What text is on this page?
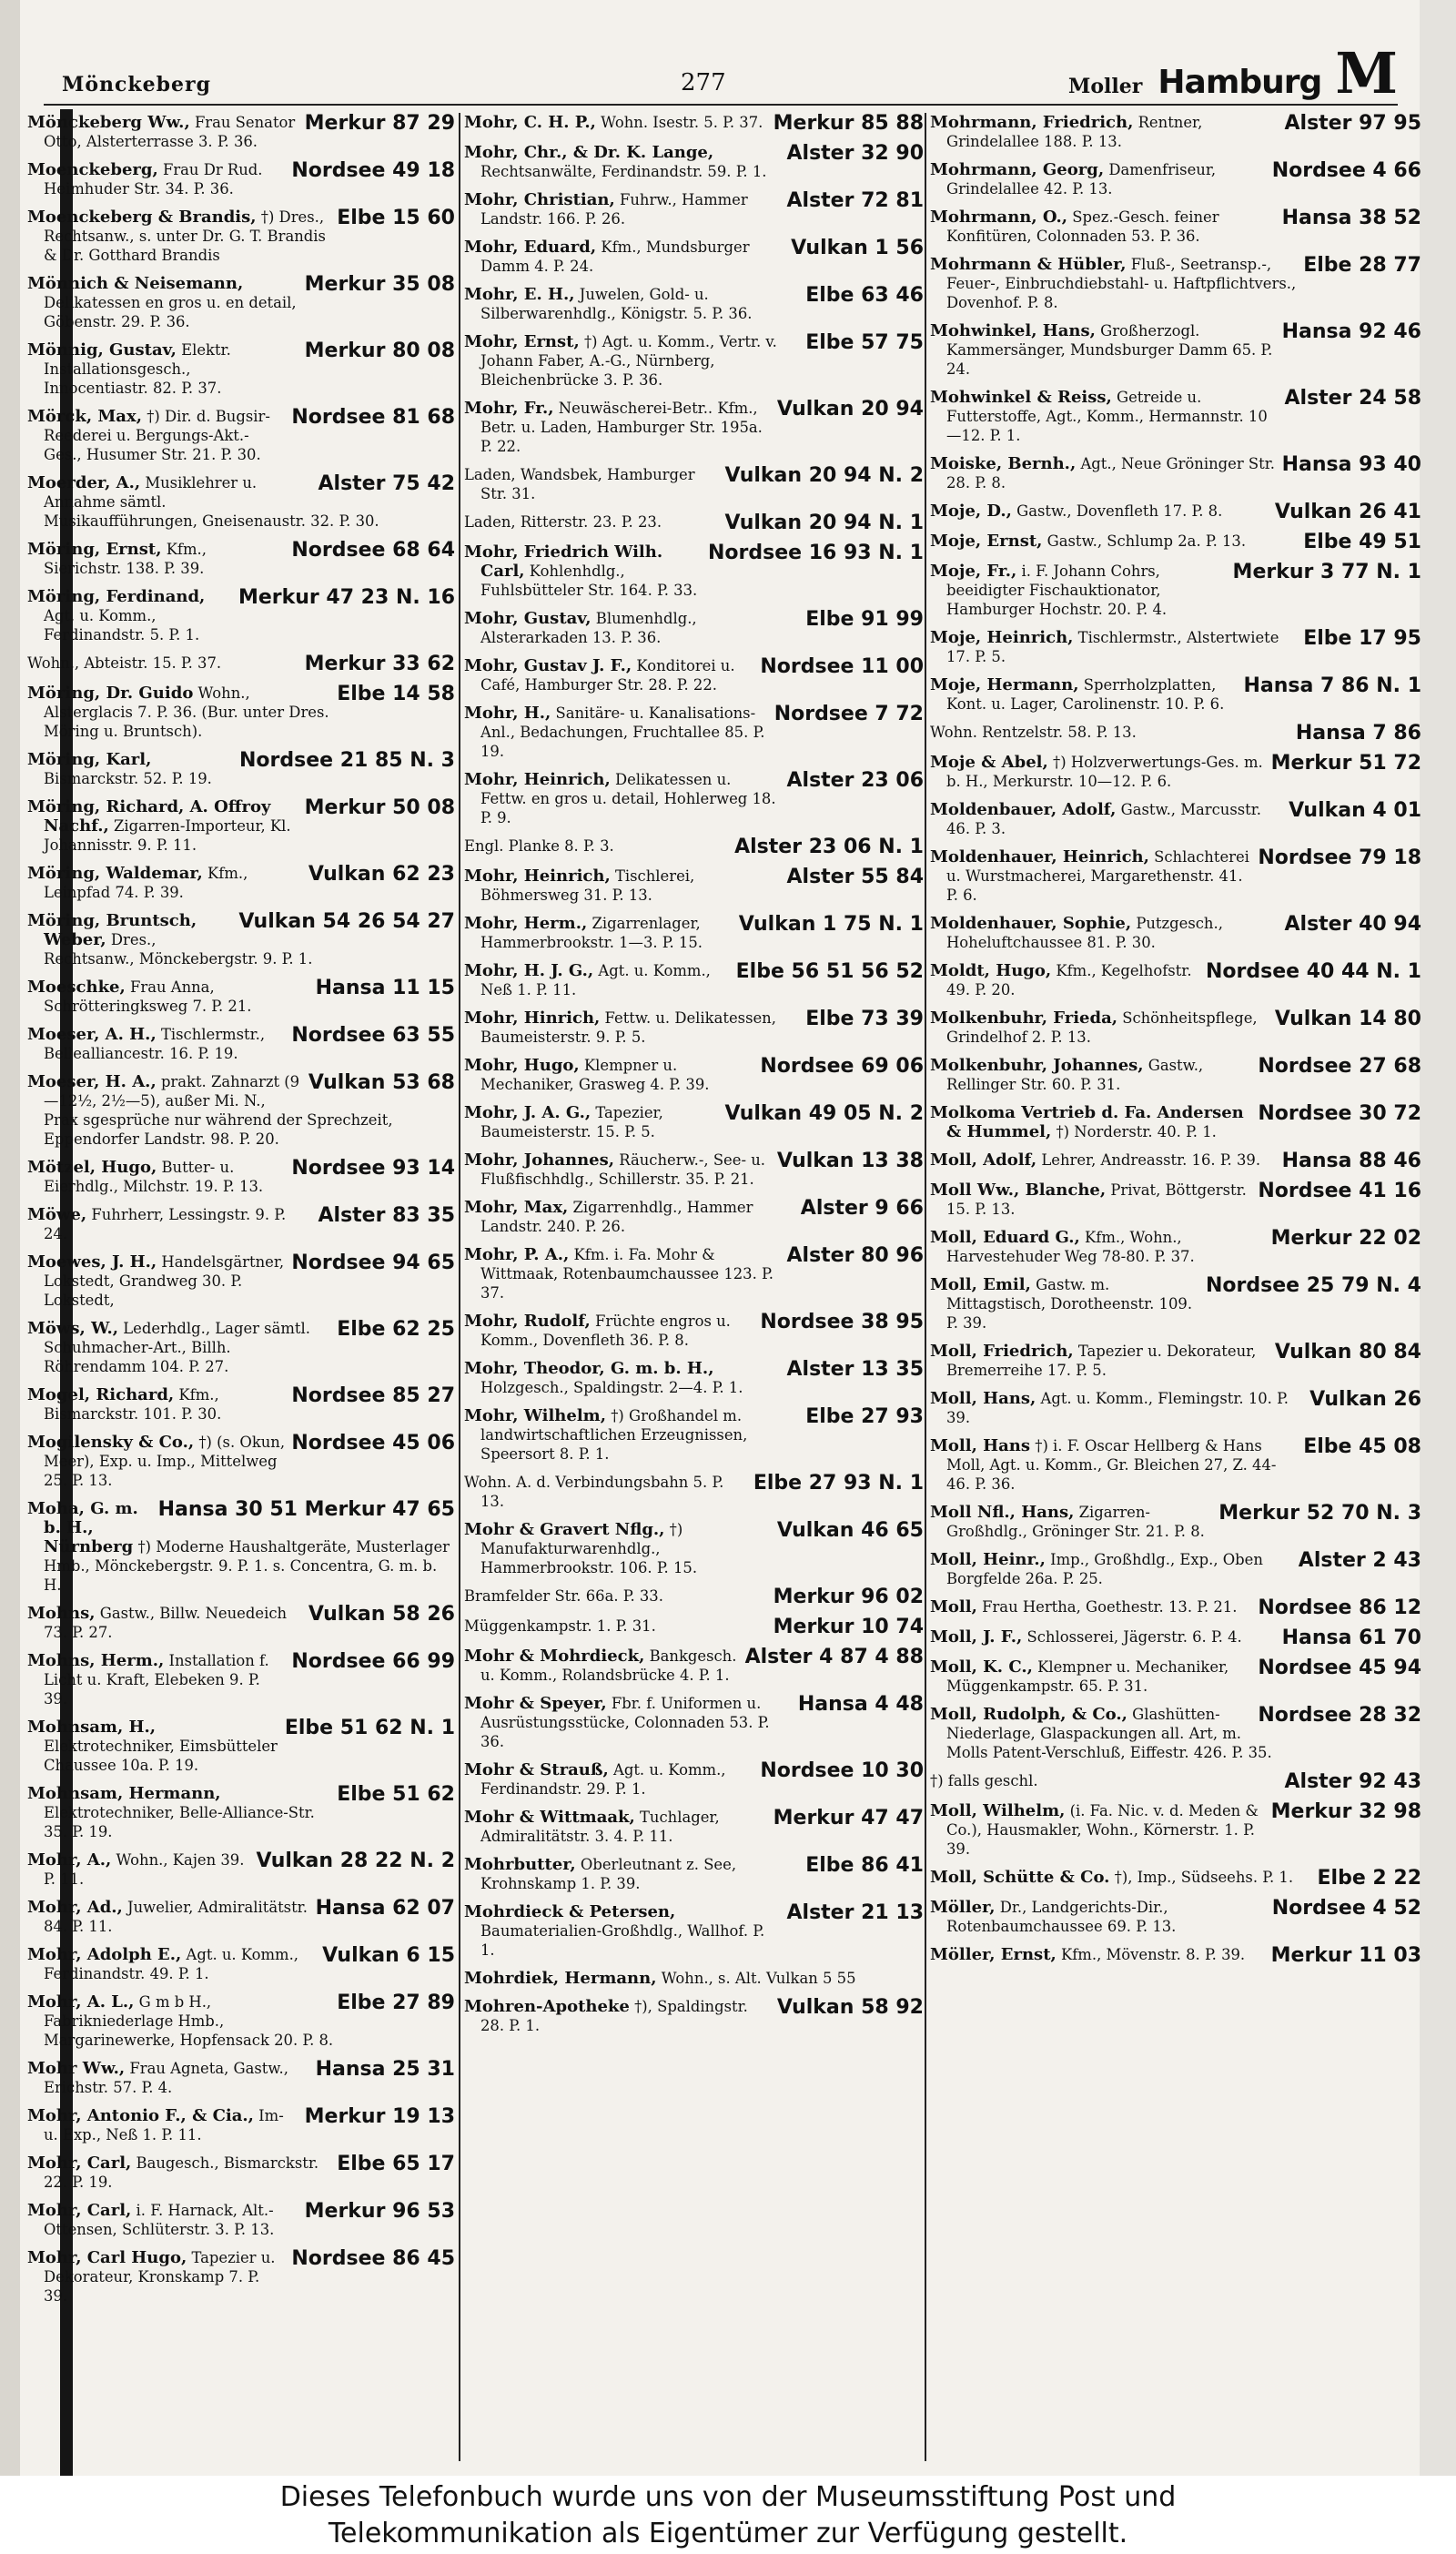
Mönckeberg	277	Moller Hamburg M
Merkur 87 29
Mönckeberg Ww., Frau Senator Otto, Alsterterrasse 3. P. 36.
Nordsee 49 18
Moenckeberg, Frau Dr Rud. Heimhuder Str. 34. P. 36.
Elbe 15 60
Moenckeberg & Brandis, †) Dres., Rechtsanw., s. unter Dr. G. T. Brandis & Dr. Gotthard Brandis
Merkur 35 08
Mönnich & Neisemann, Delikatessen en gros u. en detail, Göbenstr. 29. P. 36.
Merkur 80 08
Mönnig, Gustav, Elektr. Installationsgesch., Innocentiastr. 82. P. 37.
Nordsee 81 68
Mörck, Max, †) Dir. d. Bugsir-Reederei u. Bergungs-Akt.-Ges., Husumer Str. 21. P. 30.
Alster 75 42
Moerder, A., Musiklehrer u. Annahme sämtl. Musikaufführungen, Gneisenaustr. 32. P. 30.
Nordsee 68 64
Möring, Ernst, Kfm., Sierichstr. 138. P. 39.
Merkur 47 23 N. 16
Möring, Ferdinand, Agt. u. Komm., Ferdinandstr. 5. P. 1.
Merkur 33 62
Wohn., Abteistr. 15. P. 37.
Elbe 14 58
Möring, Dr. Guido Wohn., Alsterglacis 7. P. 36. (Bur. unter Dres. Möring u. Bruntsch).
Nordsee 21 85 N. 3
Möring, Karl, Bismarckstr. 52. P. 19.
Merkur 50 08
Möring, Richard, A. Offroy Nachf., Zigarren-Importeur, Kl. Johannisstr. 9. P. 11.
Vulkan 62 23
Möring, Waldemar, Kfm., Leinpfad 74. P. 39.
Vulkan 54 26 54 27
Möring, Bruntsch, Weber, Dres., Rechtsanw., Mönckebergstr. 9. P. 1.
Hansa 11 15
Moeschke, Frau Anna, Schrötteringksweg 7. P. 21.
Nordsee 63 55
Moeser, A. H., Tischlermstr., Bellealliancestr. 16. P. 19.
Vulkan 53 68
Moeser, H. A., prakt. Zahnarzt (9—12½, 2½—5), außer Mi. N., Prax sgesprüche nur während der Sprechzeit, Eppendorfer Landstr. 98. P. 20.
Nordsee 93 14
Mötzel, Hugo, Butter- u. Eierhdlg., Milchstr. 19. P. 13.
Alster 83 35
Möwe, Fuhrherr, Lessingstr. 9. P. 24.
Nordsee 94 65
Moewes, J. H., Handelsgärtner, Lokstedt, Grandweg 30. P. Lokstedt,
Elbe 62 25
Möws, W., Lederhdlg., Lager sämtl. Schuhmacher-Art., Billh. Röhrendamm 104. P. 27.
Nordsee 85 27
Mogel, Richard, Kfm., Bismarckstr. 101. P. 30.
Nordsee 45 06
Mogilensky & Co., †) (s. Okun, Meer), Exp. u. Imp., Mittelweg 25. P. 13.
Hansa 30 51 Merkur 47 65
Moha, G. m. b. H., Nürnberg †) Moderne Haushaltgeräte, Musterlager Hmb., Mönckebergstr. 9. P. 1. s. Concentra, G. m. b. H.
Vulkan 58 26
Mohns, Gastw., Billw. Neuedeich 73. P. 27.
Nordsee 66 99
Mohns, Herm., Installation f. Licht u. Kraft, Elebeken 9. P. 39.
Elbe 51 62 N. 1
Mohnsam, H., Elektrotechniker, Eimsbütteler Chaussee 10a. P. 19.
Elbe 51 62
Mohnsam, Hermann, Elektrotechniker, Belle-Alliance-Str. 35. P. 19.
Vulkan 28 22 N. 2
Mohr, A., Wohn., Kajen 39. P. 11.
Hansa 62 07
Mohr, Ad., Juwelier, Admiralitätstr. 84. P. 11.
Vulkan 6 15
Mohr, Adolph E., Agt. u. Komm., Ferdinandstr. 49. P. 1.
Elbe 27 89
Mohr, A. L., G m b H., Fabrikniederlage Hmb., Margarinewerke, Hopfensack 20. P. 8.
Hansa 25 31
Mohr Ww., Frau Agneta, Gastw., Erichstr. 57. P. 4.
Merkur 19 13
Mohr, Antonio F., & Cia., Im- u. Exp., Neß 1. P. 11.
Elbe 65 17
Mohr, Carl, Baugesch., Bismarckstr. 22. P. 19.
Merkur 96 53
Mohr, Carl, i. F. Harnack, Alt.-Ottensen, Schlüterstr. 3. P. 13.
Nordsee 86 45
Mohr, Carl Hugo, Tapezier u. Dekorateur, Kronskamp 7. P. 39.
Merkur 85 88
Mohr, C. H. P., Wohn. Isestr. 5. P. 37.
Alster 32 90
Mohr, Chr., & Dr. K. Lange, Rechtsanwälte, Ferdinandstr. 59. P. 1.
Alster 72 81
Mohr, Christian, Fuhrw., Hammer Landstr. 166. P. 26.
Vulkan 1 56
Mohr, Eduard, Kfm., Mundsburger Damm 4. P. 24.
Elbe 63 46
Mohr, E. H., Juwelen, Gold- u. Silberwarenhdlg., Königstr. 5. P. 36.
Elbe 57 75
Mohr, Ernst, †) Agt. u. Komm., Vertr. v. Johann Faber, A.-G., Nürnberg, Bleichenbrücke 3. P. 36.
Vulkan 20 94
Mohr, Fr., Neuwäscherei-Betr.. Kfm., Betr. u. Laden, Hamburger Str. 195a. P. 22.
Vulkan 20 94 N. 2
Laden, Wandsbek, Hamburger Str. 31.
Vulkan 20 94 N. 1
Laden, Ritterstr. 23. P. 23.
Nordsee 16 93 N. 1
Mohr, Friedrich Wilh. Carl, Kohlenhdlg., Fuhlsbütteler Str. 164. P. 33.
Elbe 91 99
Mohr, Gustav, Blumenhdlg., Alsterarkaden 13. P. 36.
Nordsee 11 00
Mohr, Gustav J. F., Konditorei u. Café, Hamburger Str. 28. P. 22.
Nordsee 7 72
Mohr, H., Sanitäre- u. Kanalisations-Anl., Bedachungen, Fruchtallee 85. P. 19.
Alster 23 06
Mohr, Heinrich, Delikatessen u. Fettw. en gros u. detail, Hohlerweg 18. P. 9.
Alster 23 06 N. 1
Engl. Planke 8. P. 3.
Alster 55 84
Mohr, Heinrich, Tischlerei, Böhmersweg 31. P. 13.
Vulkan 1 75 N. 1
Mohr, Herm., Zigarrenlager, Hammerbrookstr. 1—3. P. 15.
Elbe 56 51 56 52
Mohr, H. J. G., Agt. u. Komm., Neß 1. P. 11.
Elbe 73 39
Mohr, Hinrich, Fettw. u. Delikatessen, Baumeisterstr. 9. P. 5.
Nordsee 69 06
Mohr, Hugo, Klempner u. Mechaniker, Grasweg 4. P. 39.
Vulkan 49 05 N. 2
Mohr, J. A. G., Tapezier, Baumeisterstr. 15. P. 5.
Vulkan 13 38
Mohr, Johannes, Räucherw.-, See- u. Flußfischhdlg., Schillerstr. 35. P. 21.
Alster 9 66
Mohr, Max, Zigarrenhdlg., Hammer Landstr. 240. P. 26.
Alster 80 96
Mohr, P. A., Kfm. i. Fa. Mohr & Wittmaak, Rotenbaumchaussee 123. P. 37.
Nordsee 38 95
Mohr, Rudolf, Früchte engros u. Komm., Dovenfleth 36. P. 8.
Alster 13 35
Mohr, Theodor, G. m. b. H., Holzgesch., Spaldingstr. 2—4. P. 1.
Elbe 27 93
Mohr, Wilhelm, †) Großhandel m. landwirtschaftlichen Erzeugnissen, Speersort 8. P. 1.
Elbe 27 93 N. 1
Wohn. A. d. Verbindungsbahn 5. P. 13.
Vulkan 46 65
Mohr & Gravert Nflg., †) Manufakturwarenhdlg., Hammerbrookstr. 106. P. 15.
Merkur 96 02
Bramfelder Str. 66a. P. 33.
Merkur 10 74
Müggenkampstr. 1. P. 31.
Alster 4 87 4 88
Mohr & Mohrdieck, Bankgesch. u. Komm., Rolandsbrücke 4. P. 1.
Hansa 4 48
Mohr & Speyer, Fbr. f. Uniformen u. Ausrüstungsstücke, Colonnaden 53. P. 36.
Nordsee 10 30
Mohr & Strauß, Agt. u. Komm., Ferdinandstr. 29. P. 1.
Merkur 47 47
Mohr & Wittmaak, Tuchlager, Admiralitätstr. 3. 4. P. 11.
Elbe 86 41
Mohrbutter, Oberleutnant z. See, Krohnskamp 1. P. 39.
Alster 21 13
Mohrdieck & Petersen, Baumaterialien-Großhdlg., Wallhof. P. 1.
Mohrdiek, Hermann, Wohn., s. Alt. Vulkan 5 55
Vulkan 58 92
Mohren-Apotheke †), Spaldingstr. 28. P. 1.
Alster 97 95
Mohrmann, Friedrich, Rentner, Grindelallee 188. P. 13.
Nordsee 4 66
Mohrmann, Georg, Damenfriseur, Grindelallee 42. P. 13.
Hansa 38 52
Mohrmann, O., Spez.-Gesch. feiner Konfitüren, Colonnaden 53. P. 36.
Elbe 28 77
Mohrmann & Hübler, Fluß-, Seetransp.-, Feuer-, Einbruchdiebstahl- u. Haftpflichtvers., Dovenhof. P. 8.
Hansa 92 46
Mohwinkel, Hans, Großherzogl. Kammersänger, Mundsburger Damm 65. P. 24.
Alster 24 58
Mohwinkel & Reiss, Getreide u. Futterstoffe, Agt., Komm., Hermannstr. 10—12. P. 1.
Hansa 93 40
Moiske, Bernh., Agt., Neue Gröninger Str. 28. P. 8.
Vulkan 26 41
Moje, D., Gastw., Dovenfleth 17. P. 8.
Elbe 49 51
Moje, Ernst, Gastw., Schlump 2a. P. 13.
Merkur 3 77 N. 1
Moje, Fr., i. F. Johann Cohrs, beeidigter Fischauktionator, Hamburger Hochstr. 20. P. 4.
Elbe 17 95
Moje, Heinrich, Tischlermstr., Alstertwiete 17. P. 5.
Hansa 7 86 N. 1
Moje, Hermann, Sperrholzplatten, Kont. u. Lager, Carolinenstr. 10. P. 6.
Hansa 7 86
Wohn. Rentzelstr. 58. P. 13.
Merkur 51 72
Moje & Abel, †) Holzverwertungs-Ges. m. b. H., Merkurstr. 10—12. P. 6.
Vulkan 4 01
Moldenbauer, Adolf, Gastw., Marcusstr. 46. P. 3.
Nordsee 79 18
Moldenhauer, Heinrich, Schlachterei u. Wurstmacherei, Margarethenstr. 41. P. 6.
Alster 40 94
Moldenhauer, Sophie, Putzgesch., Hoheluftchaussee 81. P. 30.
Nordsee 40 44 N. 1
Moldt, Hugo, Kfm., Kegelhofstr. 49. P. 20.
Vulkan 14 80
Molkenbuhr, Frieda, Schönheitspflege, Grindelhof 2. P. 13.
Nordsee 27 68
Molkenbuhr, Johannes, Gastw., Rellinger Str. 60. P. 31.
Nordsee 30 72
Molkoma Vertrieb d. Fa. Andersen & Hummel, †) Norderstr. 40. P. 1.
Hansa 88 46
Moll, Adolf, Lehrer, Andreasstr. 16. P. 39.
Nordsee 41 16
Moll Ww., Blanche, Privat, Böttgerstr. 15. P. 13.
Merkur 22 02
Moll, Eduard G., Kfm., Wohn., Harvestehuder Weg 78-80. P. 37.
Nordsee 25 79 N. 4
Moll, Emil, Gastw. m. Mittagstisch, Dorotheenstr. 109. P. 39.
Vulkan 80 84
Moll, Friedrich, Tapezier u. Dekorateur, Bremerreihe 17. P. 5.
Vulkan 26
Moll, Hans, Agt. u. Komm., Flemingstr. 10. P. 39.
Elbe 45 08
Moll, Hans †) i. F. Oscar Hellberg & Hans Moll, Agt. u. Komm., Gr. Bleichen 27, Z. 44-46. P. 36.
Merkur 52 70 N. 3
Moll Nfl., Hans, Zigarren-Großhdlg., Gröninger Str. 21. P. 8.
Alster 2 43
Moll, Heinr., Imp., Großhdlg., Exp., Oben Borgfelde 26a. P. 25.
Nordsee 86 12
Moll, Frau Hertha, Goethestr. 13. P. 21.
Hansa 61 70
Moll, J. F., Schlosserei, Jägerstr. 6. P. 4.
Nordsee 45 94
Moll, K. C., Klempner u. Mechaniker, Müggenkampstr. 65. P. 31.
Nordsee 28 32
Moll, Rudolph, & Co., Glashütten-Niederlage, Glaspackungen all. Art, m. Molls Patent-Verschluß, Eiffestr. 426. P. 35.
Alster 92 43
†) falls geschl.
Merkur 32 98
Moll, Wilhelm, (i. Fa. Nic. v. d. Meden & Co.), Hausmakler, Wohn., Körnerstr. 1. P. 39.
Elbe 2 22
Moll, Schütte & Co. †), Imp., Südseehs. P. 1.
Nordsee 4 52
Möller, Dr., Landgerichts-Dir., Rotenbaumchaussee 69. P. 13.
Merkur 11 03
Möller, Ernst, Kfm., Mövenstr. 8. P. 39.
Dieses Telefonbuch wurde uns von der Museumsstiftung Post und
Telekommunikation als Eigentümer zur Verfügung gestellt.
